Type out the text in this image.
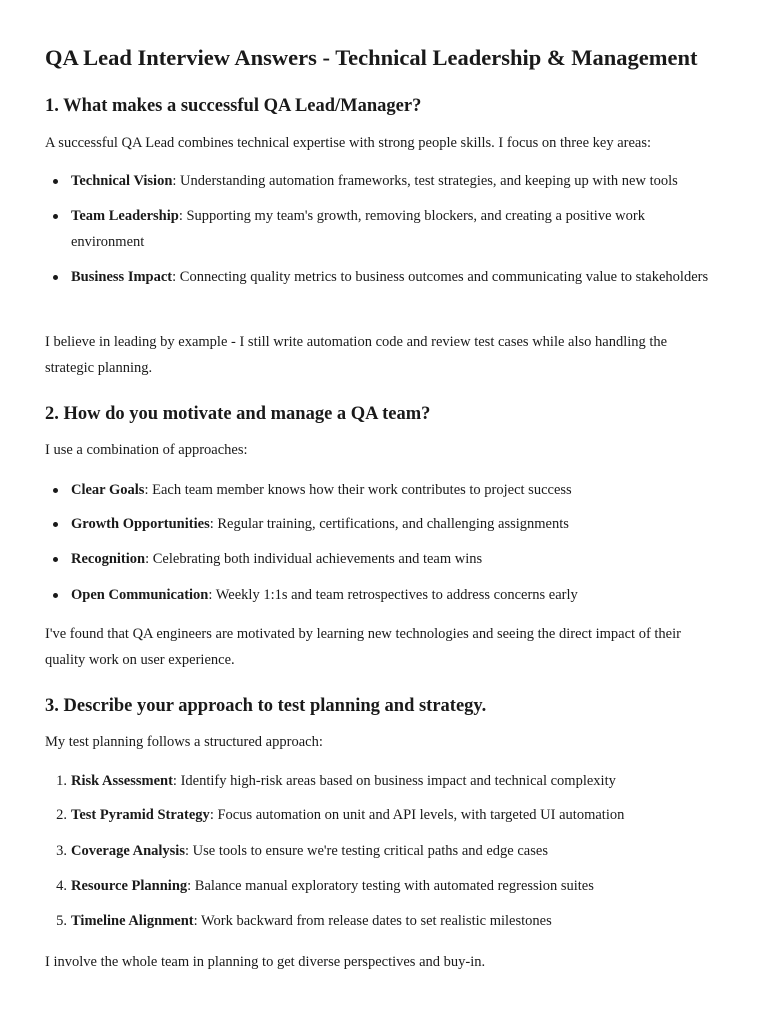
QA Lead Interview Answers - Technical Leadership & Management
1. What makes a successful QA Lead/Manager?

A successful QA Lead combines technical expertise with strong people skills. I focus on three key areas:

Technical Vision: Understanding automation frameworks, test strategies, and keeping up with new tools
Team Leadership: Supporting my team's growth, removing blockers, and creating a positive work environment
Business Impact: Connecting quality metrics to business outcomes and communicating value to stakeholders

I believe in leading by example - I still write automation code and review test cases while also handling the strategic planning.

2. How do you motivate and manage a QA team?

I use a combination of approaches:

Clear Goals: Each team member knows how their work contributes to project success
Growth Opportunities: Regular training, certifications, and challenging assignments
Recognition: Celebrating both individual achievements and team wins
Open Communication: Weekly 1:1s and team retrospectives to address concerns early

I've found that QA engineers are motivated by learning new technologies and seeing the direct impact of their quality work on user experience.

3. Describe your approach to test planning and strategy.

My test planning follows a structured approach:

1. Risk Assessment: Identify high-risk areas based on business impact and technical complexity
2. Test Pyramid Strategy: Focus automation on unit and API levels, with targeted UI automation
3. Coverage Analysis: Use tools to ensure we're testing critical paths and edge cases
4. Resource Planning: Balance manual exploratory testing with automated regression suites
5. Timeline Alignment: Work backward from release dates to set realistic milestones

I involve the whole team in planning to get diverse perspectives and buy-in.
